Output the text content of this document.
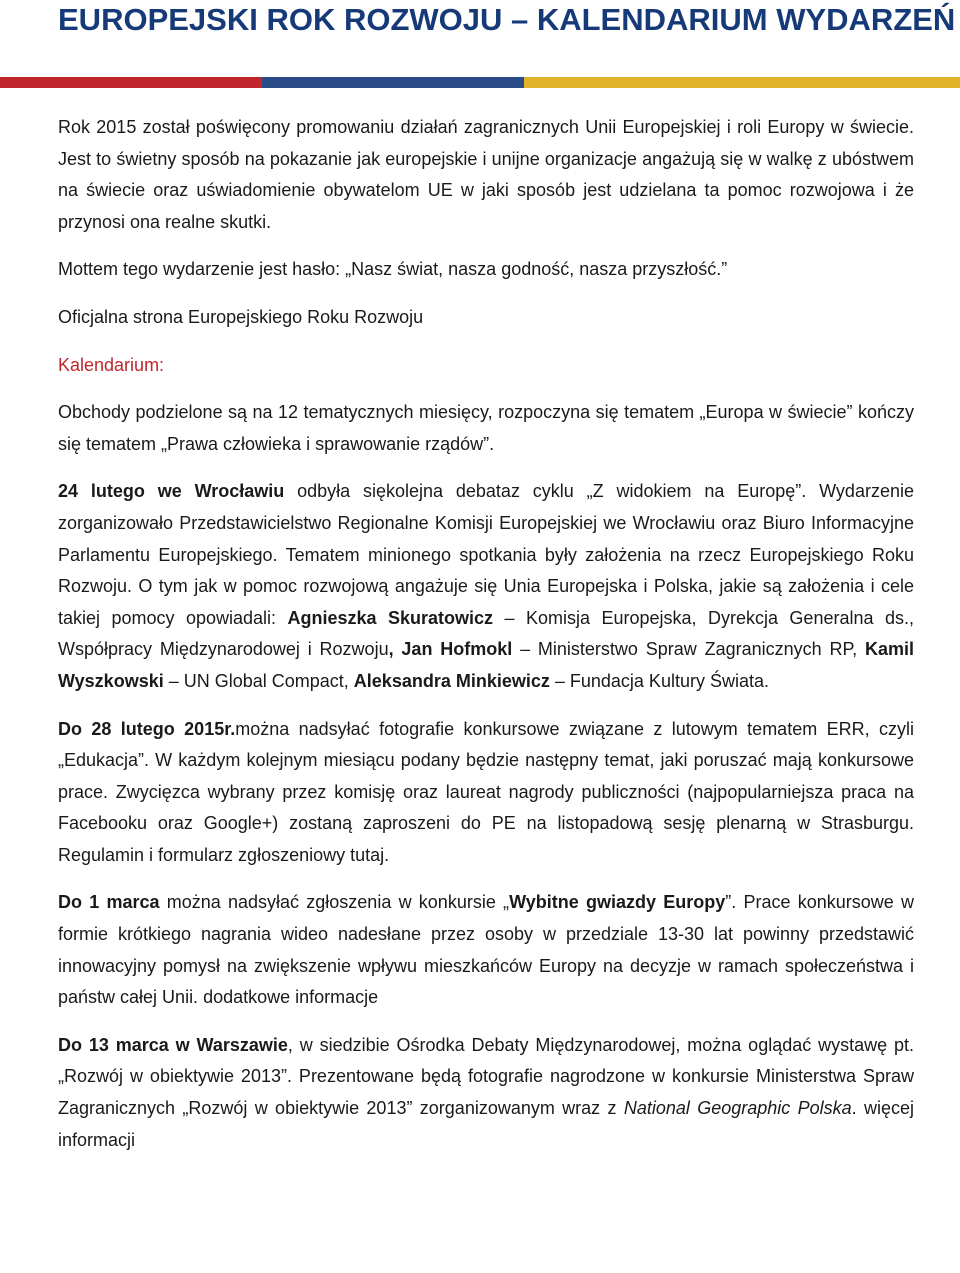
EUROPEJSKI ROK ROZWOJU – KALENDARIUM WYDARZEŃ

Rok 2015 został poświęcony promowaniu działań zagranicznych Unii Europejskiej i roli Europy w świecie. Jest to świetny sposób na pokazanie jak europejskie i unijne organizacje angażują się w walkę z ubóstwem na świecie oraz uświadomienie obywatelom UE w jaki sposób jest udzielana ta pomoc rozwojowa i że przynosi ona realne skutki.

Mottem tego wydarzenie jest hasło: „Nasz świat, nasza godność, nasza przyszłość.”

Oficjalna strona Europejskiego Roku Rozwoju

Kalendarium:

Obchody podzielone są na 12 tematycznych miesięcy, rozpoczyna się tematem „Europa w świecie” kończy się tematem „Prawa człowieka i sprawowanie rządów”.

24 lutego we Wrocławiu odbyła siękolejna debataz cyklu „Z widokiem na Europę”. Wydarzenie zorganizowało Przedstawicielstwo Regionalne Komisji Europejskiej we Wrocławiu oraz Biuro Informacyjne Parlamentu Europejskiego. Tematem minionego spotkania były założenia na rzecz Europejskiego Roku Rozwoju. O tym jak w pomoc rozwojową angażuje się Unia Europejska i Polska, jakie są założenia i cele takiej pomocy opowiadali: Agnieszka Skuratowicz – Komisja Europejska, Dyrekcja Generalna ds., Współpracy Międzynarodowej i Rozwoju, Jan Hofmokl – Ministerstwo Spraw Zagranicznych RP, Kamil Wyszkowski – UN Global Compact, Aleksandra Minkiewicz – Fundacja Kultury Świata.

Do 28 lutego 2015r.można nadsyłać fotografie konkursowe związane z lutowym tematem ERR, czyli „Edukacja”. W każdym kolejnym miesiącu podany będzie następny temat, jaki poruszać mają konkursowe prace. Zwycięzca wybrany przez komisję oraz laureat nagrody publiczności (najpopularniejsza praca na Facebooku oraz Google+) zostaną zaproszeni do PE na listopadową sesję plenarną w Strasburgu. Regulamin i formularz zgłoszeniowy tutaj.

Do 1 marca można nadsyłać zgłoszenia w konkursie „Wybitne gwiazdy Europy”. Prace konkursowe w formie krótkiego nagrania wideo nadesłane przez osoby w przedziale 13-30 lat powinny przedstawić innowacyjny pomysł na zwiększenie wpływu mieszkańców Europy na decyzje w ramach społeczeństwa i państw całej Unii. dodatkowe informacje

Do 13 marca w Warszawie, w siedzibie Ośrodka Debaty Międzynarodowej, można oglądać wystawę pt. „Rozwój w obiektywie 2013”. Prezentowane będą fotografie nagrodzone w konkursie Ministerstwa Spraw Zagranicznych „Rozwój w obiektywie 2013” zorganizowanym wraz z National Geographic Polska. więcej informacji
